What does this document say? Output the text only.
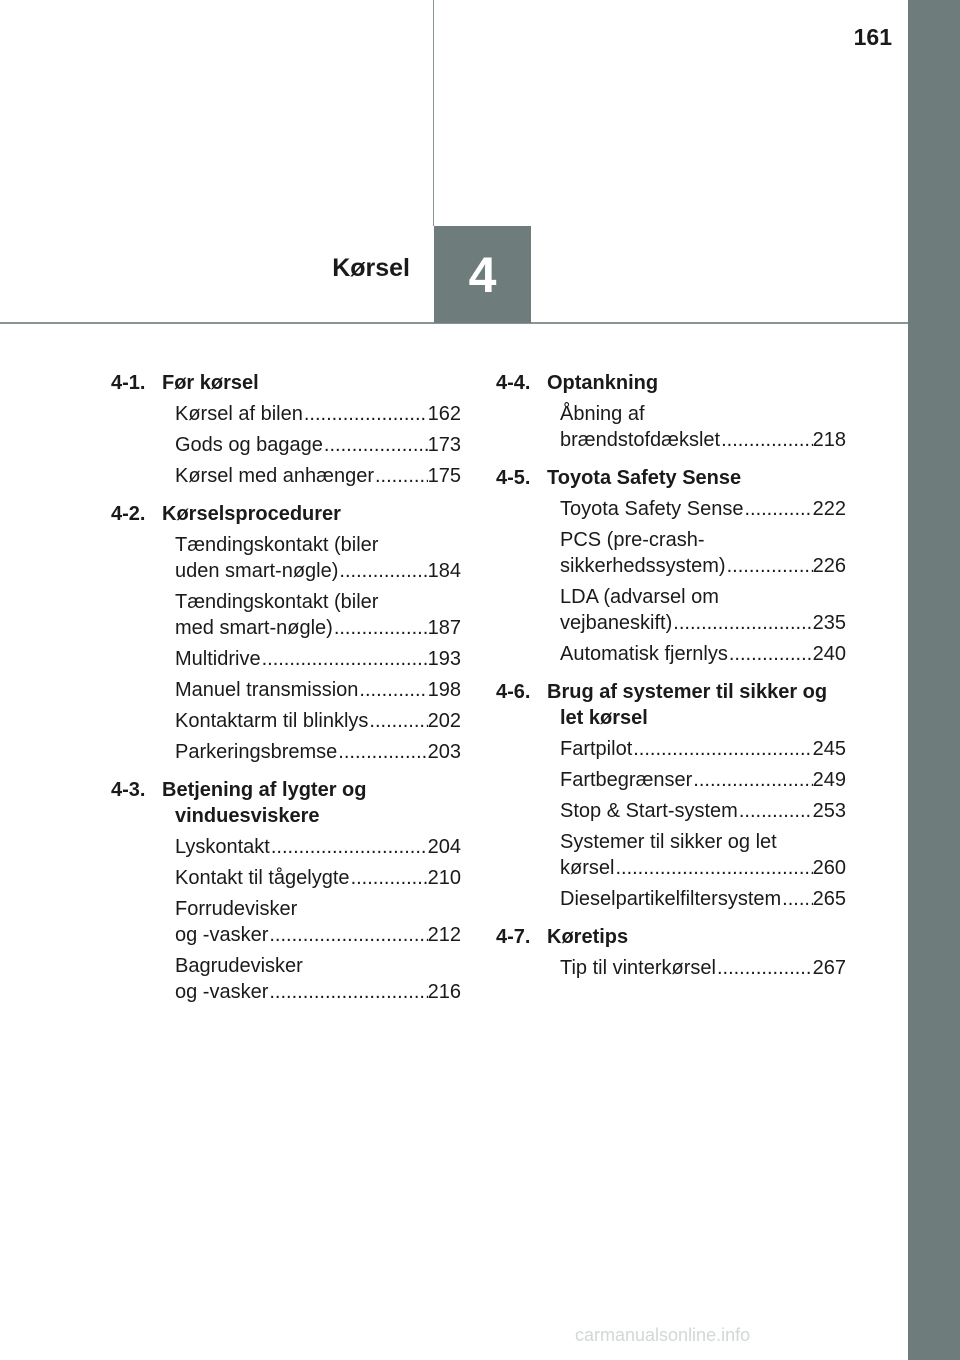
161
Kørsel 4
4-1. Før kørsel
Kørsel af bilen .....	162
Gods og bagage .....	173
Kørsel med anhænger .....	175
4-2. Kørselsprocedurer
Tændingskontakt (biler
uden smart-nøgle) .....	184
Tændingskontakt (biler
med smart-nøgle) .....	187
Multidrive .....	193
Manuel transmission .....	198
Kontaktarm til blinklys .....	202
Parkeringsbremse .....	203
4-3. Betjening af lygter og vinduesviskere
Lyskontakt .....	204
Kontakt til tågelygte .....	210
Forrudevisker
og -vasker .....	212
Bagrudevisker
og -vasker .....	216
4-4. Optankning
Åbning af
brændstofdækslet .....	218
4-5. Toyota Safety Sense
Toyota Safety Sense .....	222
PCS (pre-crash-
sikkerhedssystem) .....	226
LDA (advarsel om
vejbaneskift) .....	235
Automatisk fjernlys .....	240
4-6. Brug af systemer til sikker og let kørsel
Fartpilot .....	245
Fartbegrænser .....	249
Stop & Start-system .....	253
Systemer til sikker og let
kørsel .....	260
Dieselpartikelfiltersystem ..... 265
4-7. Køretips
Tip til vinterkørsel .....	267
carmanualsonline.info
